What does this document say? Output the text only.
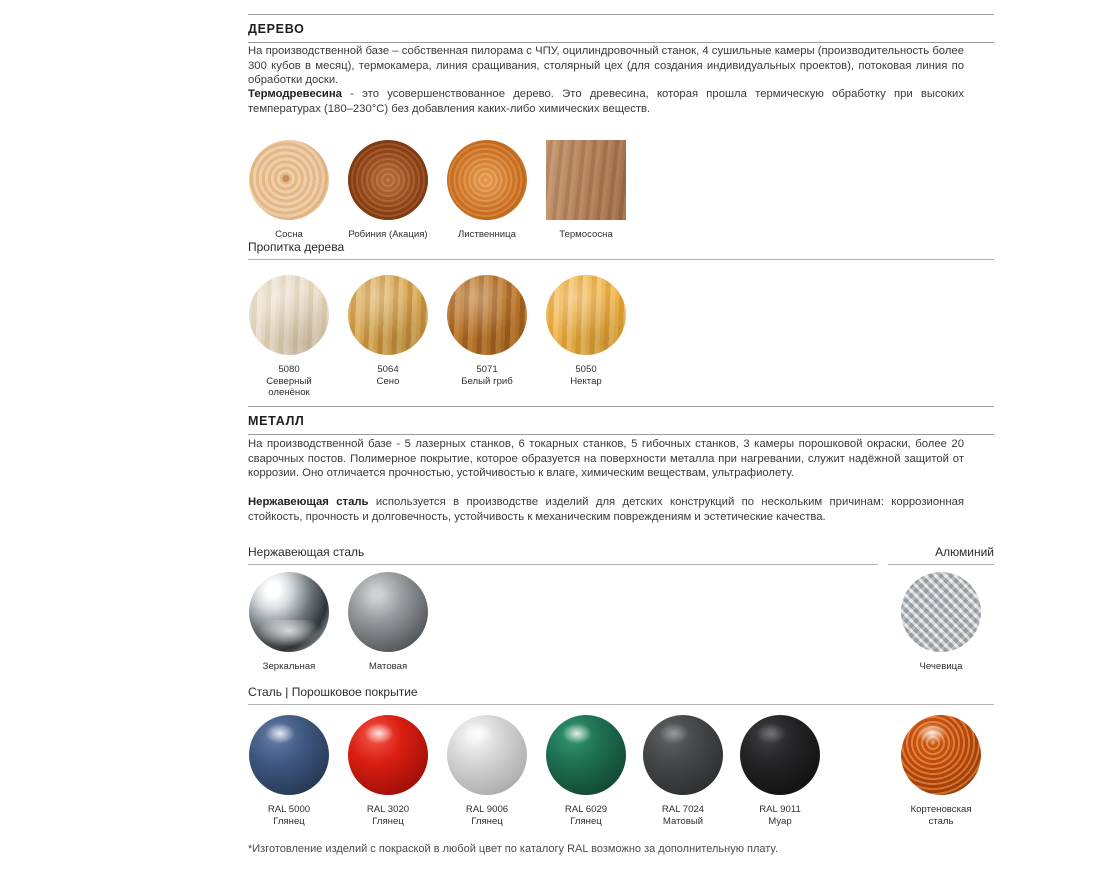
ДЕРЕВО
На производственной базе – собственная пилорама с ЧПУ, оцилиндровочный станок, 4 сушильные камеры (производительность более 300 кубов в месяц), термокамера, линия сращивания, столярный цех (для создания индивидуальных проектов), потоковая линия по обработки доски.
Термодревесина - это усовершенствованное дерево. Это древесина, которая прошла термическую обработку при высоких температурах (180–230°С) без добавления каких-либо химических веществ.
Сосна	Робиния (Акация)	Лиственница	Термососна
Пропитка дерева
5080
Северный
оленёнок
5064
Сено
5071
Белый гриб
5050
Нектар
МЕТАЛЛ
На производственной базе - 5 лазерных станков, 6 токарных станков, 5 гибочных станков, 3 камеры порошковой окраски, более 20 сварочных постов. Полимерное покрытие, которое образуется на поверхности металла при нагревании, служит надёжной защитой от коррозии. Оно отличается прочностью, устойчивостью к влаге, химическим веществам, ультрафиолету.
Нержавеющая сталь используется в производстве изделий для детских конструкций по нескольким причинам: коррозионная стойкость, прочность и долговечность, устойчивость к механическим повреждениям и эстетические качества.
Нержавеющая сталь	Алюминий
Зеркальная	Матовая	Чечевица
Сталь | Порошковое покрытие
RAL 5000
Глянец
RAL 3020
Глянец
RAL 9006
Глянец
RAL 6029
Глянец
RAL 7024
Матовый
RAL 9011
Муар
Кортеновская
сталь
*Изготовление изделий с покраской в любой цвет по каталогу RAL возможно за дополнительную плату.
